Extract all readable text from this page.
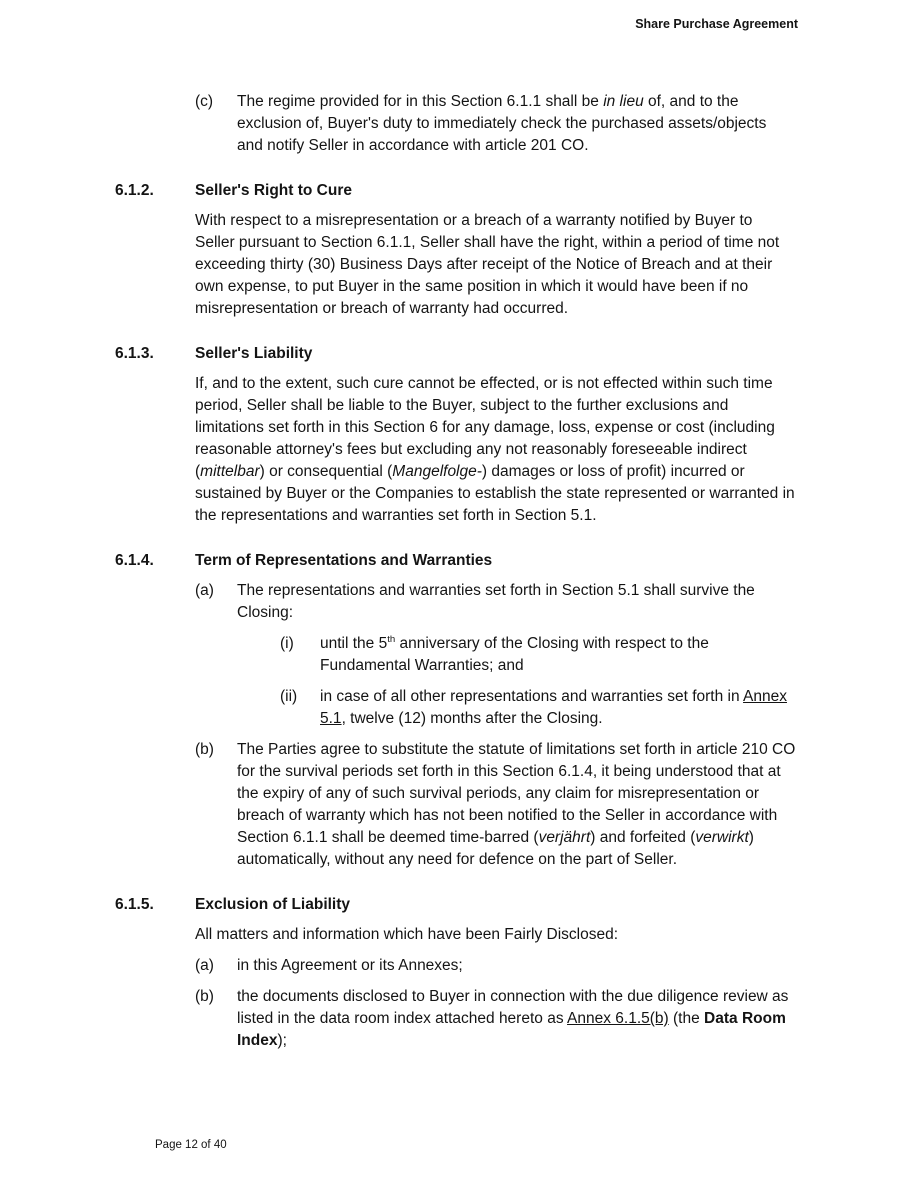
Share Purchase Agreement
(c)	The regime provided for in this Section 6.1.1 shall be in lieu of, and to the exclusion of, Buyer's duty to immediately check the purchased assets/objects and notify Seller in accordance with article 201 CO.
6.1.2.	Seller's Right to Cure
With respect to a misrepresentation or a breach of a warranty notified by Buyer to Seller pursuant to Section 6.1.1, Seller shall have the right, within a period of time not exceeding thirty (30) Business Days after receipt of the Notice of Breach and at their own expense, to put Buyer in the same position in which it would have been if no misrepresentation or breach of warranty had occurred.
6.1.3.	Seller's Liability
If, and to the extent, such cure cannot be effected, or is not effected within such time period, Seller shall be liable to the Buyer, subject to the further exclusions and limitations set forth in this Section 6 for any damage, loss, expense or cost (including reasonable attorney's fees but excluding any not reasonably foreseeable indirect (mittelbar) or consequential (Mangelfolge-) damages or loss of profit) incurred or sustained by Buyer or the Companies to establish the state represented or warranted in the representations and warranties set forth in Section 5.1.
6.1.4.	Term of Representations and Warranties
(a)	The representations and warranties set forth in Section 5.1 shall survive the Closing:
(i)	until the 5th anniversary of the Closing with respect to the Fundamental Warranties; and
(ii)	in case of all other representations and warranties set forth in Annex 5.1, twelve (12) months after the Closing.
(b)	The Parties agree to substitute the statute of limitations set forth in article 210 CO for the survival periods set forth in this Section 6.1.4, it being understood that at the expiry of any of such survival periods, any claim for misrepresentation or breach of warranty which has not been notified to the Seller in accordance with Section 6.1.1 shall be deemed time-barred (verjährt) and forfeited (verwirkt) automatically, without any need for defence on the part of Seller.
6.1.5.	Exclusion of Liability
All matters and information which have been Fairly Disclosed:
(a)	in this Agreement or its Annexes;
(b)	the documents disclosed to Buyer in connection with the due diligence review as listed in the data room index attached hereto as Annex 6.1.5(b) (the Data Room Index);
Page 12 of 40
